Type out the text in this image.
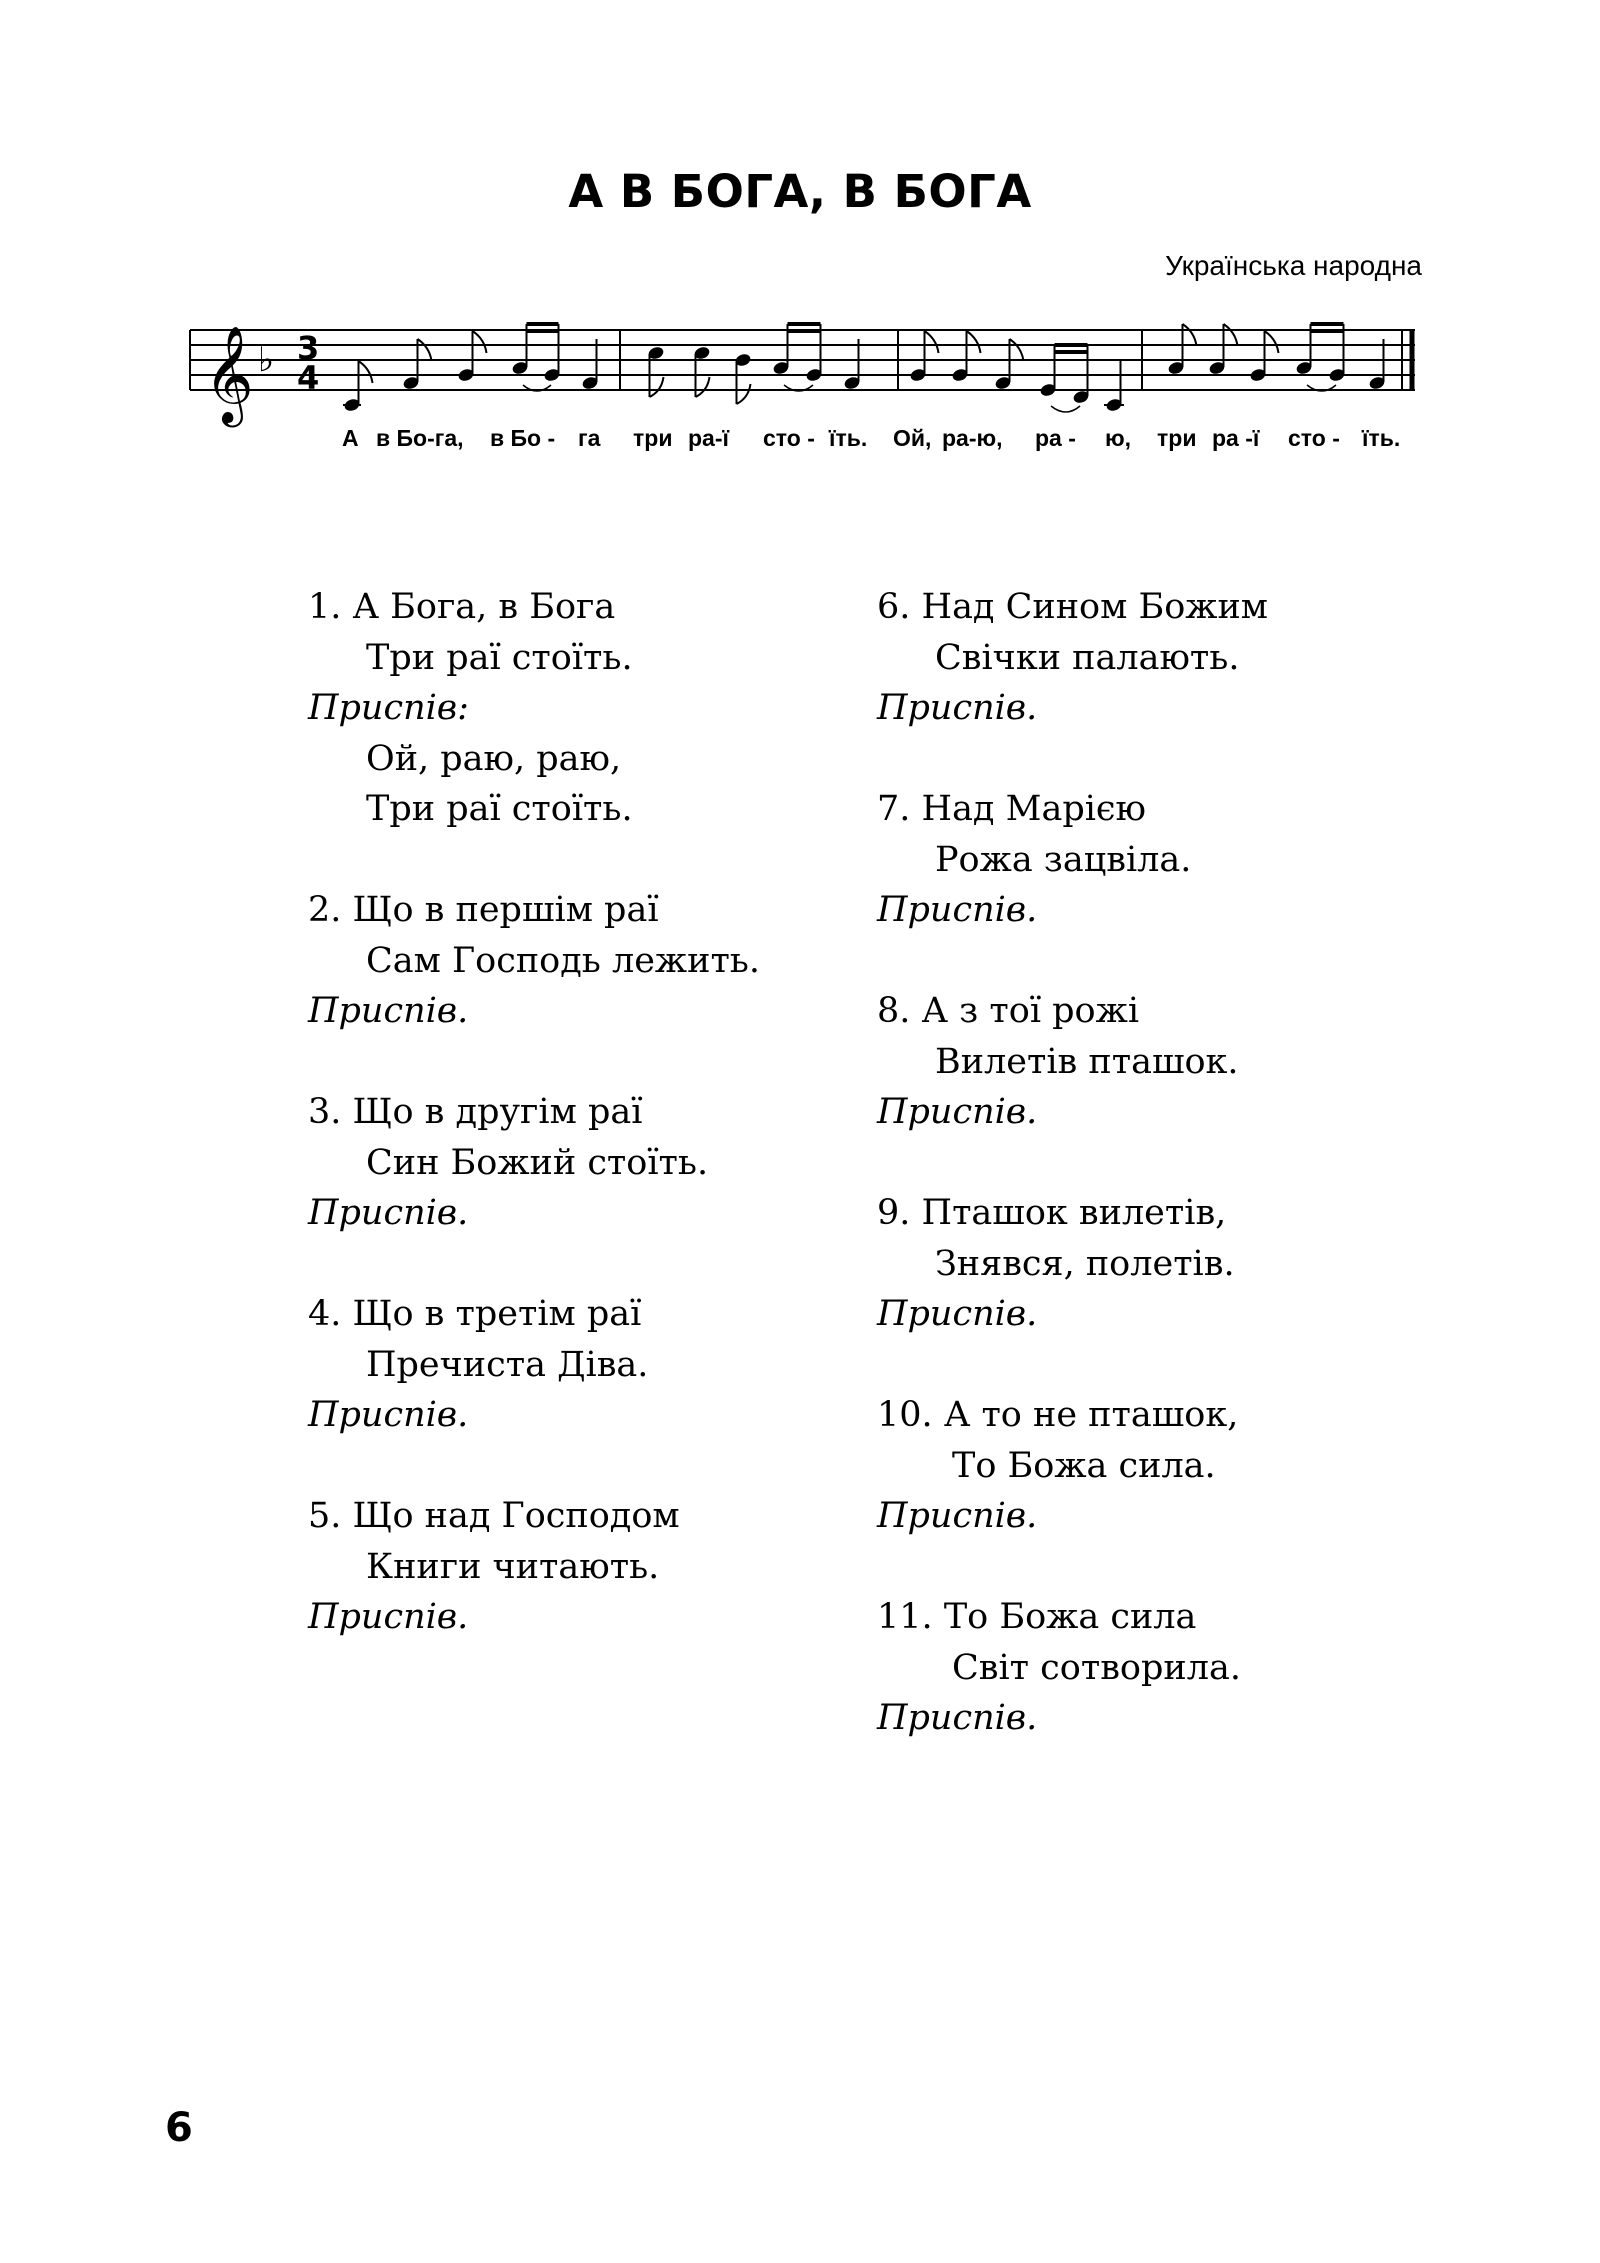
А В БОГА, В БОГА
Українська народна
𝄞 ♭ 3
4
А в Бо-га, в Бо - га три ра-ї сто - їть. Ой, ра-ю, ра - ю, три ра -ї сто - їть.
1. А Бога, в Бога
Три раї стоїть.
Приспів:
Ой, раю, раю,
Три раї стоїть.
2. Що в першім раї
Сам Господь лежить.
Приспів.
3. Що в другім раї
Син Божий стоїть.
Приспів.
4. Що в третім раї
Пречиста Діва.
Приспів.
5. Що над Господом
Книги читають.
Приспів.
6. Над Сином Божим
Свічки палають.
Приспів.
7. Над Марією
Рожа зацвіла.
Приспів.
8. А з тої рожі
Вилетів пташок.
Приспів.
9. Пташок вилетів,
Знявся, полетів.
Приспів.
10. А то не пташок,
То Божа сила.
Приспів.
11. То Божа сила
Світ сотворила.
Приспів.
6
